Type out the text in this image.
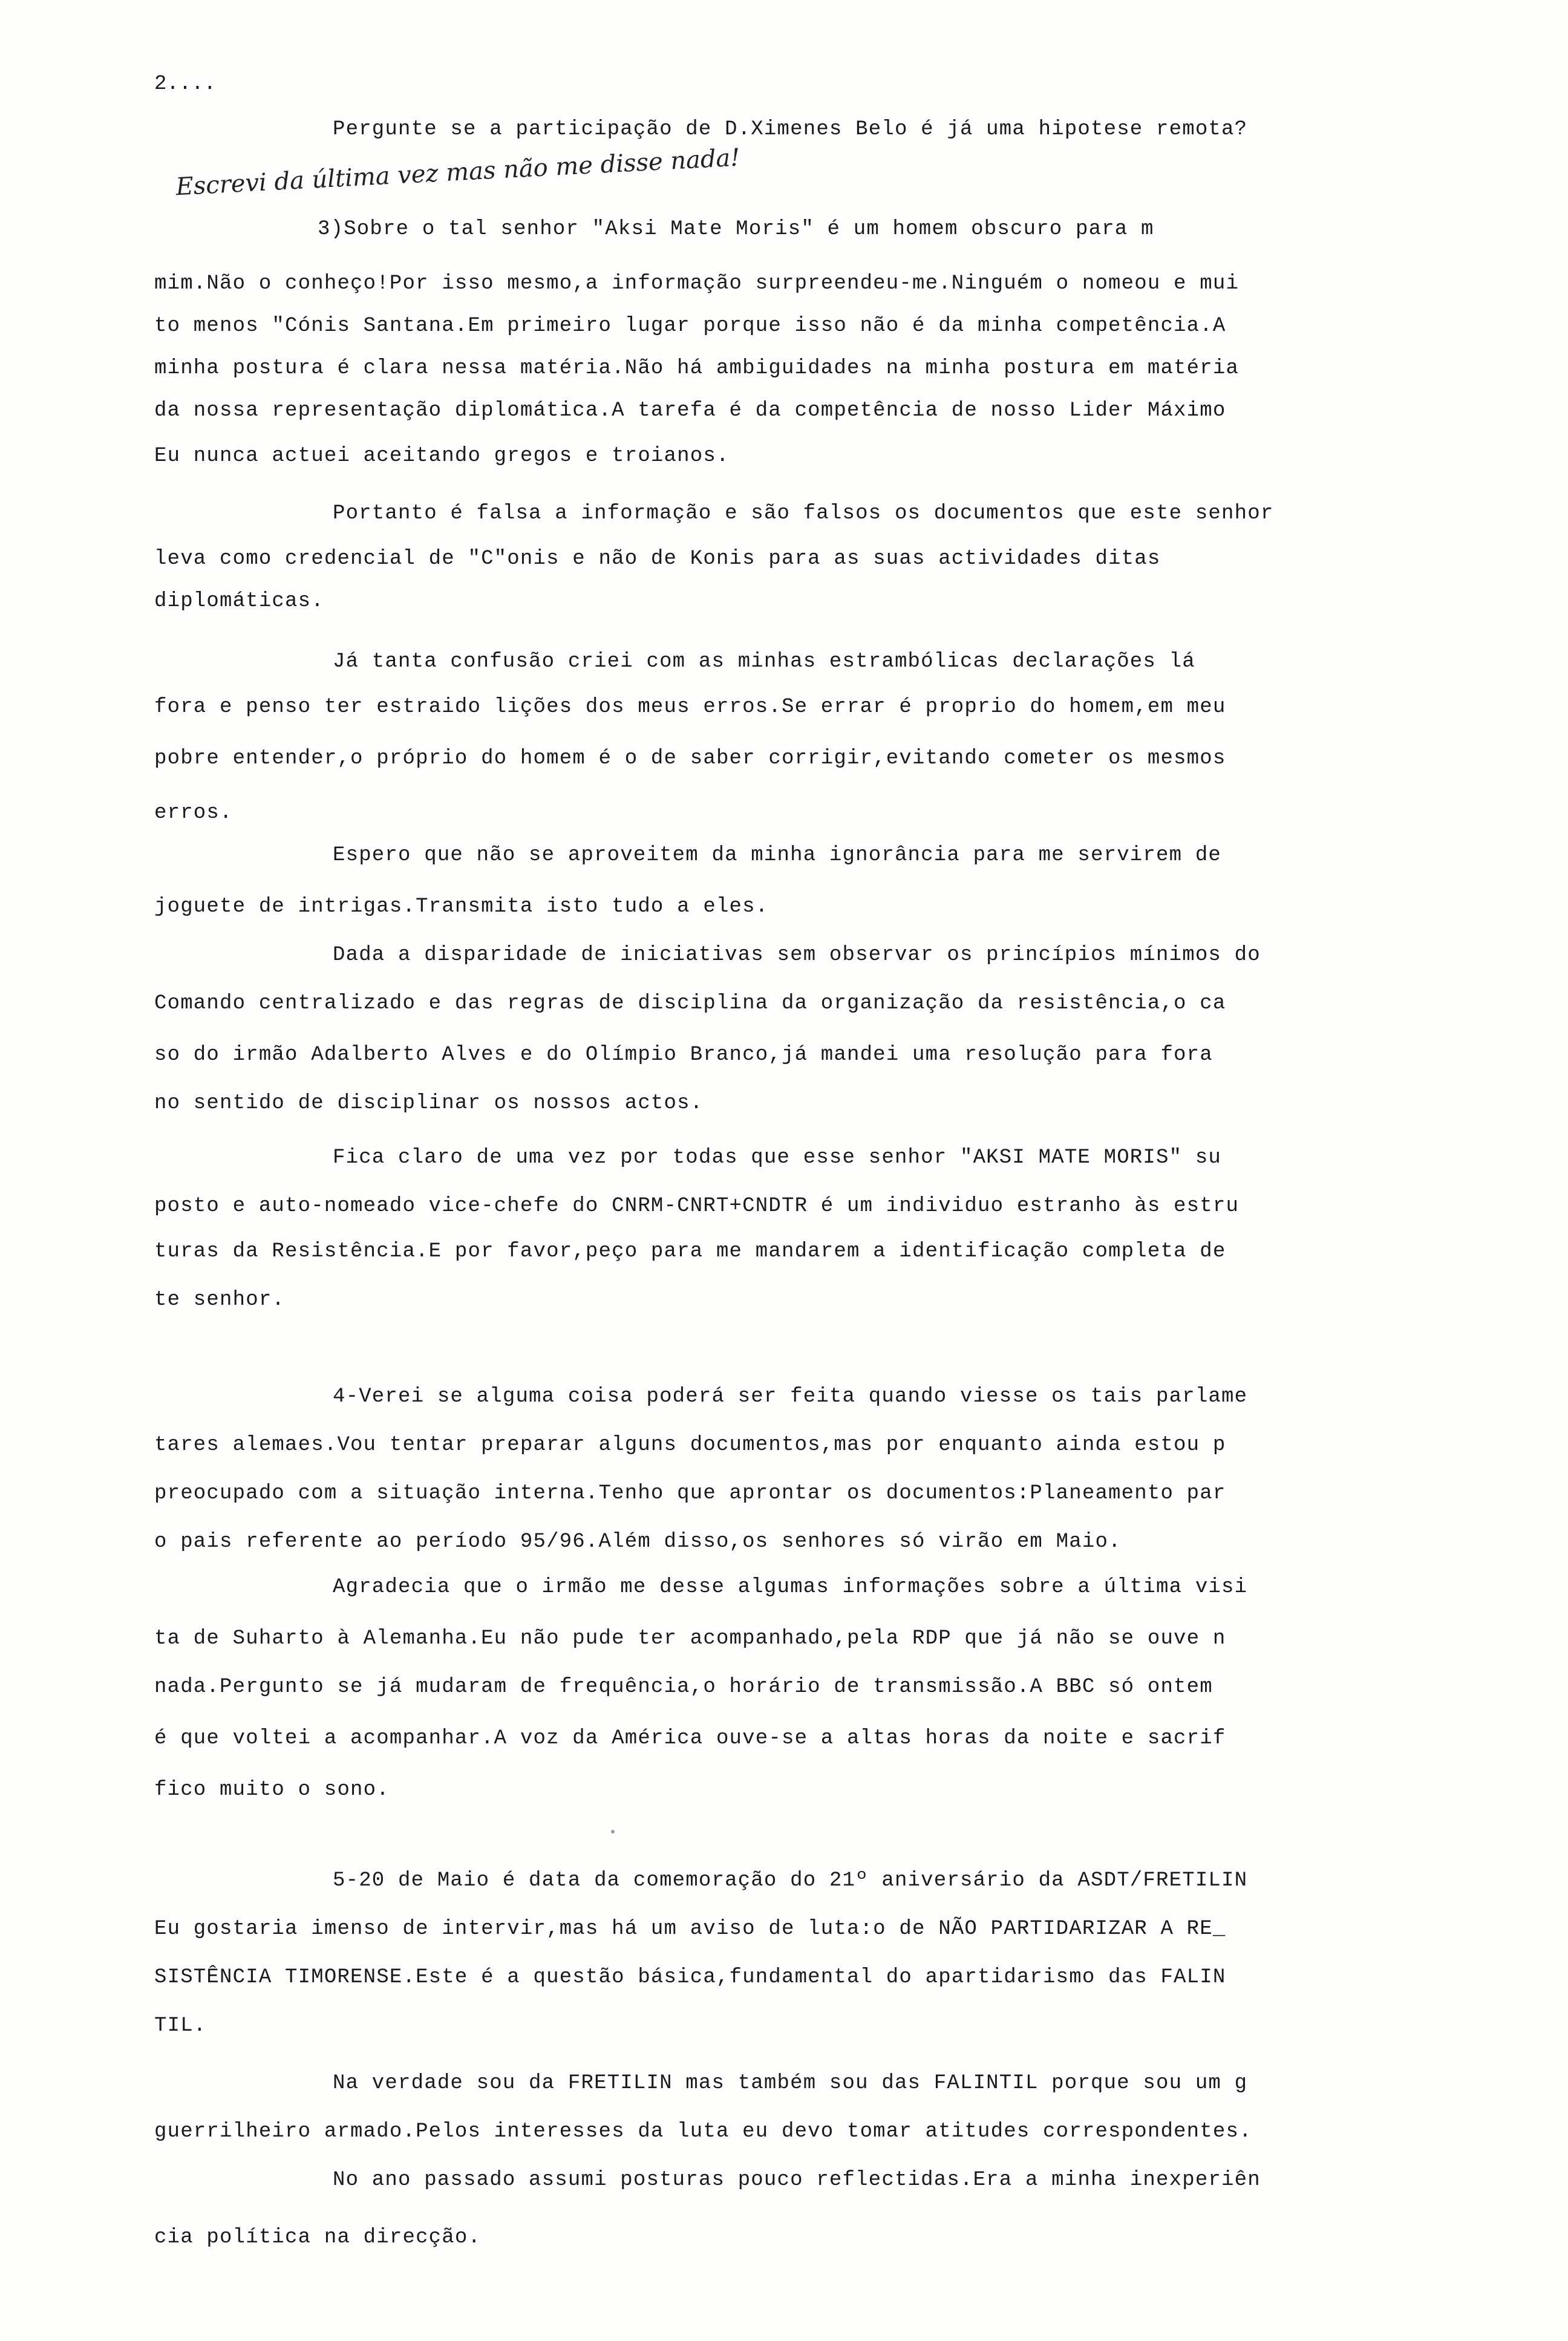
2....
Pergunte se a participação de D.Ximenes Belo é já uma hipotese remota?
Escrevi da última vez mas não me disse nada!
3)Sobre o tal senhor "Aksi Mate Moris" é um homem obscuro para m
mim.Não o conheço!Por isso mesmo,a informação surpreendeu-me.Ninguém o nomeou e mui
to menos "Cónis Santana.Em primeiro lugar porque isso não é da minha competência.A
minha postura é clara nessa matéria.Não há ambiguidades na minha postura em matéria
da nossa representação diplomática.A tarefa é da competência de nosso Lider Máximo
Eu nunca actuei aceitando gregos e troianos.
Portanto é falsa a informação e são falsos os documentos que este senhor
leva como credencial de "C"onis e não de Konis para as suas actividades ditas
diplomáticas.
Já tanta confusão criei com as minhas estrambólicas declarações lá
fora e penso ter estraido lições dos meus erros.Se errar é proprio do homem,em meu
pobre entender,o próprio do homem é o de saber corrigir,evitando cometer os mesmos
erros.
Espero que não se aproveitem da minha ignorância para me servirem de
joguete de intrigas.Transmita isto tudo a eles.
Dada a disparidade de iniciativas sem observar os princípios mínimos do
Comando centralizado e das regras de disciplina da organização da resistência,o ca
so do irmão Adalberto Alves e do Olímpio Branco,já mandei uma resolução para fora
no sentido de disciplinar os nossos actos.
Fica claro de uma vez por todas que esse senhor "AKSI MATE MORIS" su
posto e auto-nomeado vice-chefe do CNRM-CNRT+CNDTR é um individuo estranho às estru
turas da Resistência.E por favor,peço para me mandarem a identificação completa de
te senhor.
4-Verei se alguma coisa poderá ser feita quando viesse os tais parlame
tares alemaes.Vou tentar preparar alguns documentos,mas por enquanto ainda estou p
preocupado com a situação interna.Tenho que aprontar os documentos:Planeamento par
o pais referente ao período 95/96.Além disso,os senhores só virão em Maio.
Agradecia que o irmão me desse algumas informações sobre a última visi
ta de Suharto à Alemanha.Eu não pude ter acompanhado,pela RDP que já não se ouve n
nada.Pergunto se já mudaram de frequência,o horário de transmissão.A BBC só ontem
é que voltei a acompanhar.A voz da América ouve-se a altas horas da noite e sacrif
fico muito o sono.
5-20 de Maio é data da comemoração do 21º aniversário da ASDT/FRETILIN
Eu gostaria imenso de intervir,mas há um aviso de luta:o de NÃO PARTIDARIZAR A RE_
SISTÊNCIA TIMORENSE.Este é a questão básica,fundamental do apartidarismo das FALIN
TIL.
Na verdade sou da FRETILIN mas também sou das FALINTIL porque sou um g
guerrilheiro armado.Pelos interesses da luta eu devo tomar atitudes correspondentes.
No ano passado assumi posturas pouco reflectidas.Era a minha inexperiên
cia política na direcção.
